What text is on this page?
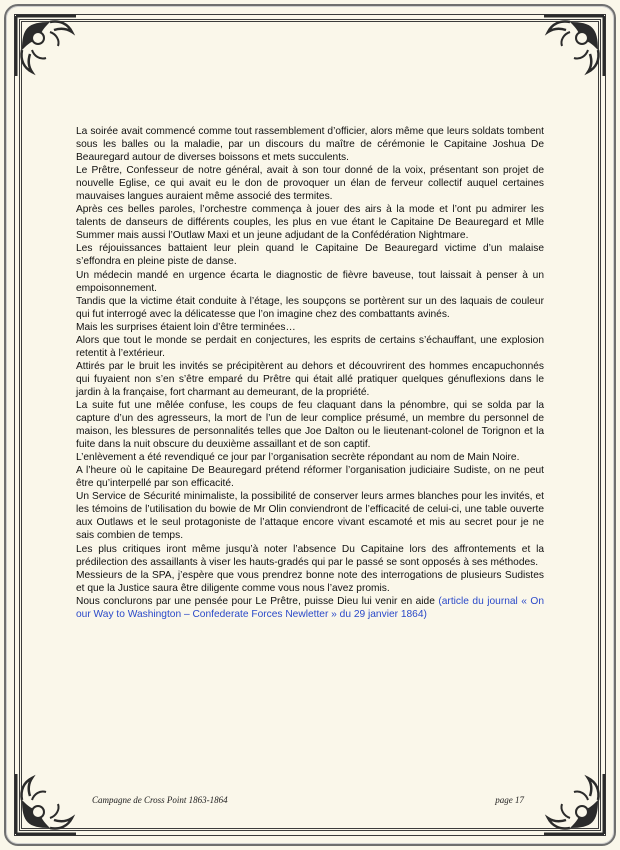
La soirée avait commencé comme tout rassemblement d’officier, alors même que leurs soldats tombent sous les balles ou la maladie, par un discours du maître de cérémonie le Capitaine Joshua De Beauregard autour de diverses boissons et mets succulents.

Le Prêtre, Confesseur de notre général, avait à son tour donné de la voix, présentant son projet de nouvelle Eglise, ce qui avait eu le don de provoquer un élan de ferveur collectif auquel certaines mauvaises langues auraient même associé des termites.

Après ces belles paroles, l’orchestre commença à jouer des airs à la mode et l’ont pu admirer les talents de danseurs de différents couples, les plus en vue étant le Capitaine De Beauregard et Mlle Summer mais aussi l’Outlaw Maxi et un jeune adjudant de la Confédération Nightmare.

Les réjouissances battaient leur plein quand le Capitaine De Beauregard victime d’un malaise s’effondra en pleine piste de danse.

Un médecin mandé en urgence écarta le diagnostic de fièvre baveuse, tout laissait à penser à un empoisonnement.

Tandis que la victime était conduite à l’étage, les soupçons se portèrent sur un des laquais de couleur qui fut interrogé avec la délicatesse que l’on imagine chez des combattants avinés.

Mais les surprises étaient loin d’être terminées…

Alors que tout le monde se perdait en conjectures, les esprits de certains s’échauffant, une explosion retentit à l’extérieur.

Attirés par le bruit les invités se précipitèrent au dehors et découvrirent des hommes encapuchonnés qui fuyaient non s’en s’être emparé du Prêtre qui était allé pratiquer quelques génuflexions dans le jardin à la française, fort charmant au demeurant, de la propriété.

La suite fut une mêlée confuse, les coups de feu claquant dans la pénombre, qui se solda par la capture d’un des agresseurs, la mort de l’un de leur complice présumé, un membre du personnel de maison, les blessures de personnalités telles que Joe Dalton ou le lieutenant-colonel de Torignon et la fuite dans la nuit obscure du deuxième assaillant et de son captif.

L’enlèvement a été revendiqué ce jour par l’organisation secrète répondant au nom de Main Noire.

A l’heure où le capitaine De Beauregard prétend réformer l’organisation judiciaire Sudiste, on ne peut être qu’interpellé par son efficacité.

Un Service de Sécurité minimaliste, la possibilité de conserver leurs armes blanches pour les invités, et les témoins de l’utilisation du bowie de Mr Olin conviendront de l’efficacité de celui-ci, une table ouverte aux Outlaws et le seul protagoniste de l’attaque encore vivant escamoté et mis au secret pour je ne sais combien de temps.

Les plus critiques iront même jusqu’à noter l’absence Du Capitaine lors des affrontements et la prédilection des assaillants à viser les hauts-gradés qui par le passé se sont opposés à ses méthodes.

Messieurs de la SPA, j’espère que vous prendrez bonne note des interrogations de plusieurs Sudistes et que la Justice saura être diligente comme vous nous l’avez promis.

Nous conclurons par une pensée pour Le Prêtre, puisse Dieu lui venir en aide (article du journal « On our Way to Washington – Confederate Forces Newletter » du 29 janvier 1864)

Campagne de Cross Point 1863-1864	page 17
